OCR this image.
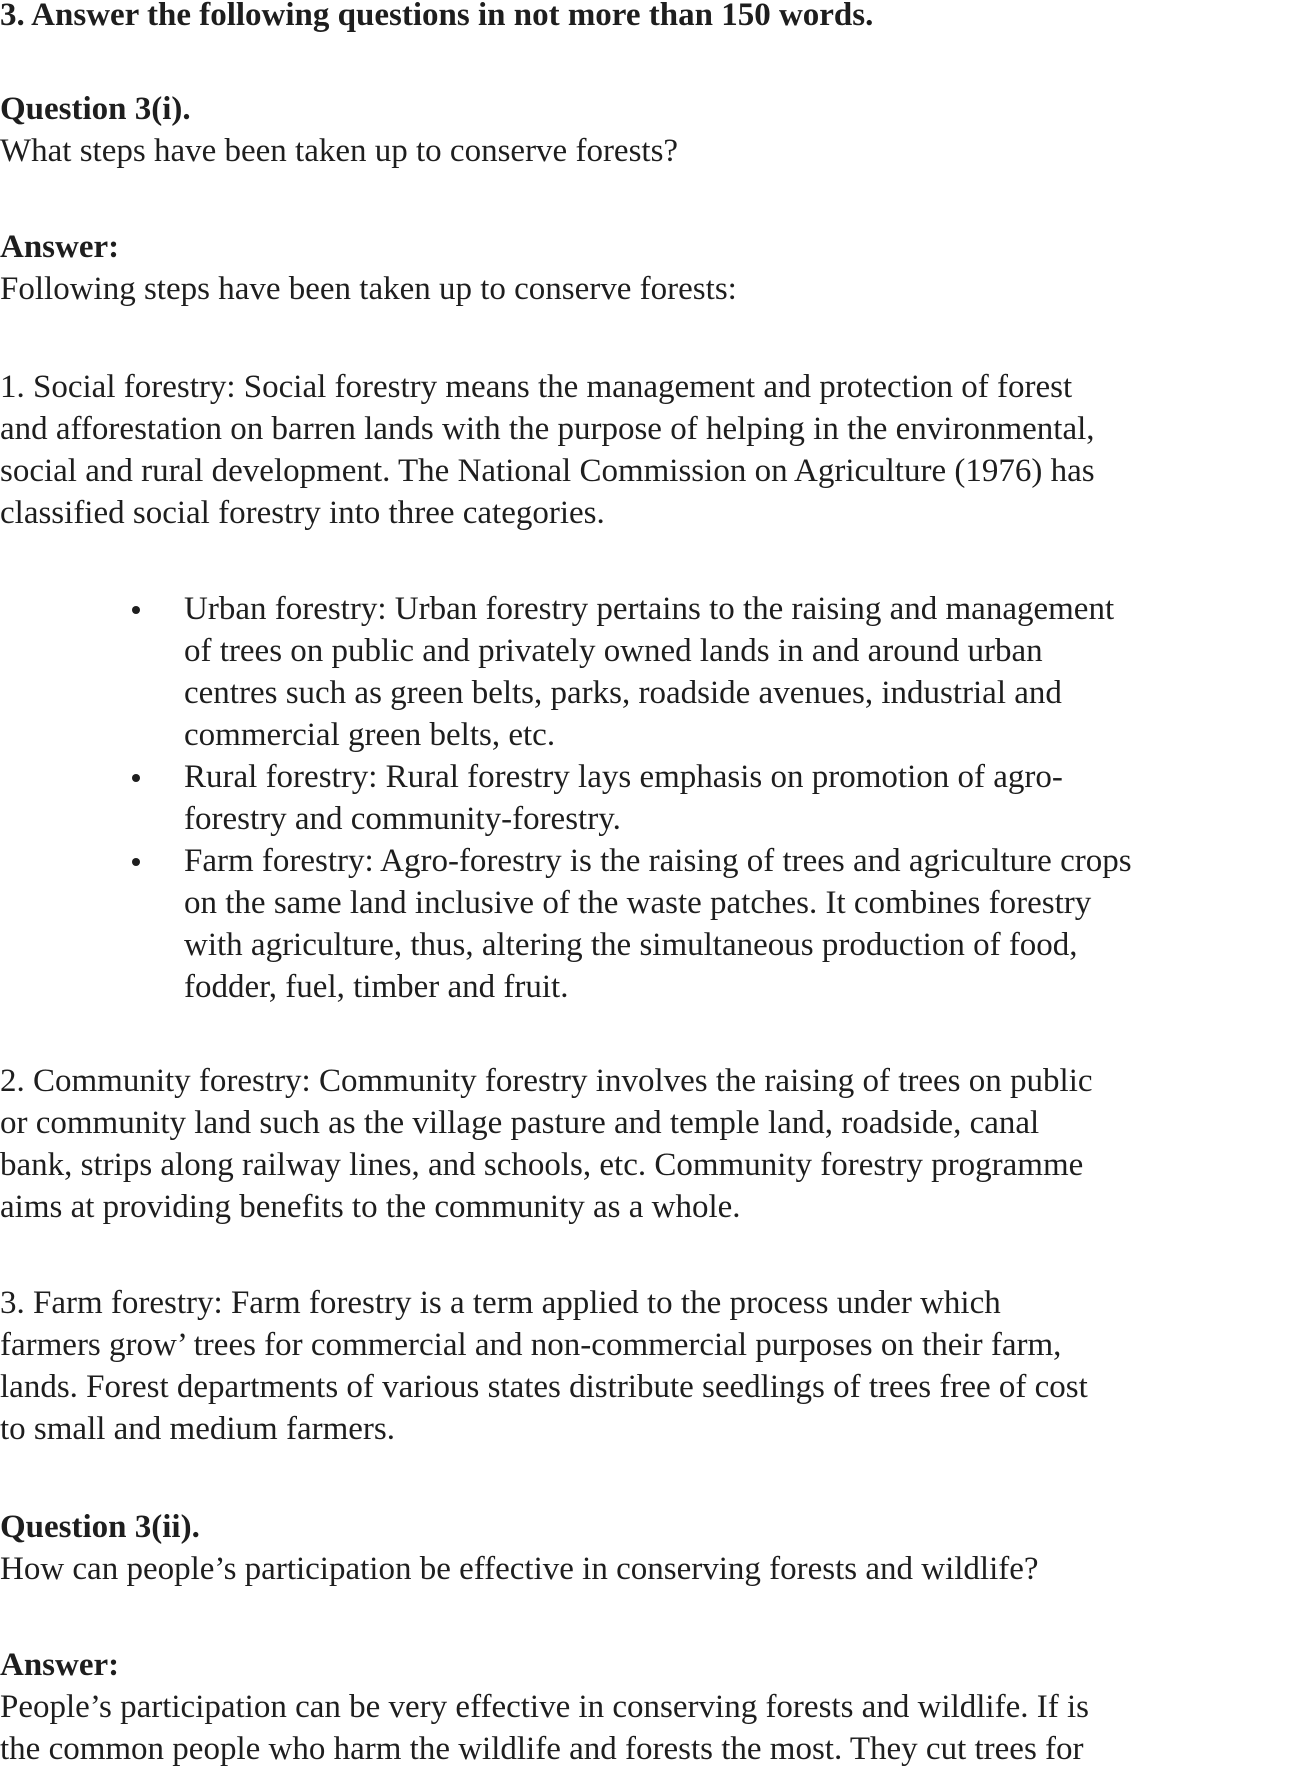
3. Answer the following questions in not more than 150 words.
Question 3(i).
What steps have been taken up to conserve forests?
Answer:
Following steps have been taken up to conserve forests:
1. Social forestry: Social forestry means the management and protection of forest
and afforestation on barren lands with the purpose of helping in the environmental,
social and rural development. The National Commission on Agriculture (1976) has
classified social forestry into three categories.
Urban forestry: Urban forestry pertains to the raising and management
of trees on public and privately owned lands in and around urban
centres such as green belts, parks, roadside avenues, industrial and
commercial green belts, etc.
Rural forestry: Rural forestry lays emphasis on promotion of agro-
forestry and community-forestry.
Farm forestry: Agro-forestry is the raising of trees and agriculture crops
on the same land inclusive of the waste patches. It combines forestry
with agriculture, thus, altering the simultaneous production of food,
fodder, fuel, timber and fruit.
2. Community forestry: Community forestry involves the raising of trees on public
or community land such as the village pasture and temple land, roadside, canal
bank, strips along railway lines, and schools, etc. Community forestry programme
aims at providing benefits to the community as a whole.
3. Farm forestry: Farm forestry is a term applied to the process under which
farmers grow’ trees for commercial and non-commercial purposes on their farm,
lands. Forest departments of various states distribute seedlings of trees free of cost
to small and medium farmers.
Question 3(ii).
How can people’s participation be effective in conserving forests and wildlife?
Answer:
People’s participation can be very effective in conserving forests and wildlife. If is
the common people who harm the wildlife and forests the most. They cut trees for
